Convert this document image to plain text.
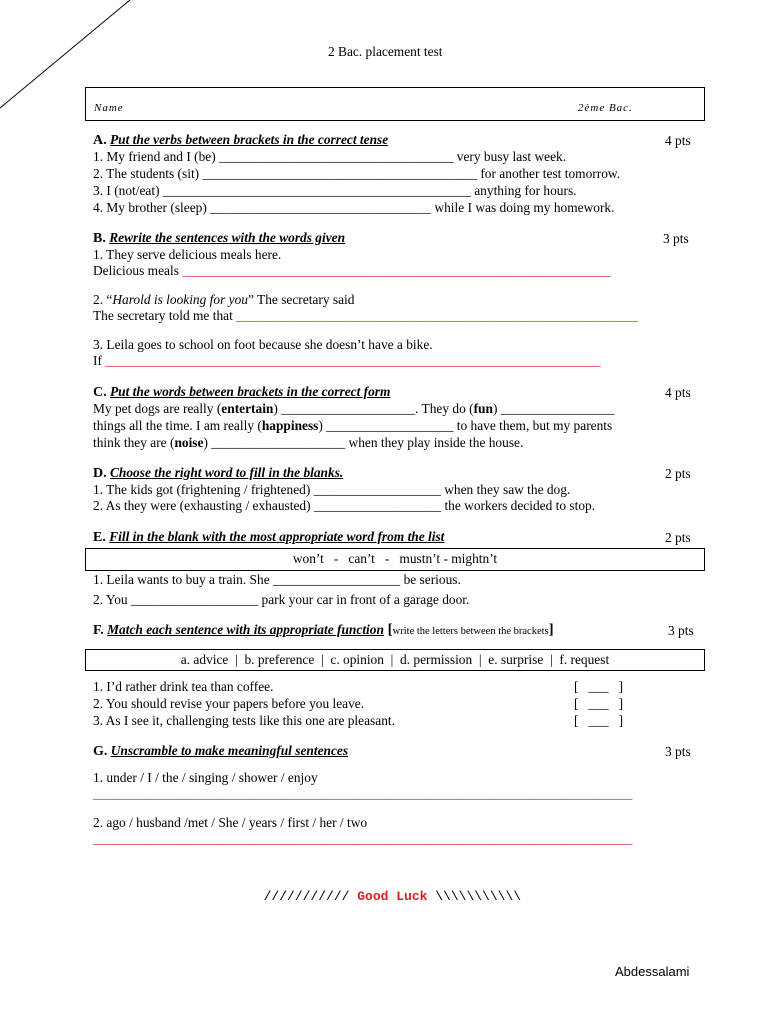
2 Bac. placement test
Name	2ème Bac.
A. Put the verbs between brackets in the correct tense	4 pts
1. My friend and I (be) ___________________________________ very busy last week.
2. The students (sit) _________________________________________ for another test tomorrow.
3. I (not/eat) ______________________________________________ anything for hours.
4. My brother (sleep) _________________________________ while I was doing my homework.
B. Rewrite the sentences with the words given	3 pts
1. They serve delicious meals here.
Delicious meals ________________________________________________________________
2. “Harold is looking for you” The secretary said
The secretary told me that ____________________________________________________________
3. Leila goes to school on foot because she doesn’t have a bike.
If __________________________________________________________________________
C. Put the words between brackets in the correct form	4 pts
My pet dogs are really (entertain) ____________________. They do (fun) _________________
things all the time. I am really (happiness) ___________________ to have them, but my parents
think they are (noise) ____________________ when they play inside the house.
D. Choose the right word to fill in the blanks.	2 pts
1. The kids got (frightening / frightened) ___________________ when they saw the dog.
2. As they were (exhausting / exhausted) ___________________ the workers decided to stop.
E. Fill in the blank with the most appropriate word from the list	2 pts
won’t   -   can’t   -   mustn’t - mightn’t
1. Leila wants to buy a train. She ___________________ be serious.
2. You ___________________ park your car in front of a garage door.
F. Match each sentence with its appropriate function [write the letters between the brackets]	3 pts
a. advice  |  b. preference  |  c. opinion  |  d. permission  |  e. surprise  |  f. request
1. I’d rather drink tea than coffee.	[   ___   ]
2. You should revise your papers before you leave.	[   ___   ]
3. As I see it, challenging tests like this one are pleasant.	[   ___   ]
G. Unscramble to make meaningful sentences	3 pts
1. under / I / the / singing / shower / enjoy
___________________________________________________________________________________
2. ago / husband /met / She / years / first / her / two
___________________________________________________________________________________

/////////// Good Luck \\\\\\\\\\\

Abdessalami
